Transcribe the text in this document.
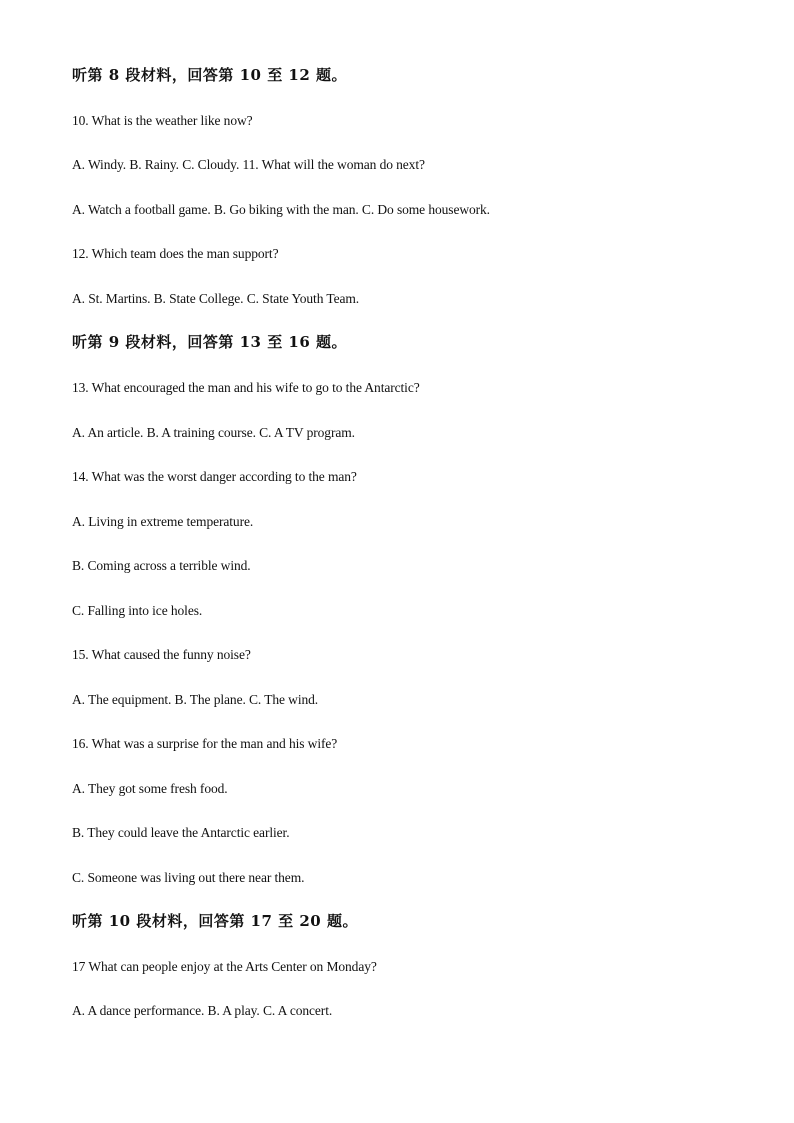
听第 8 段材料，回答第 10 至 12 题。
10. What is the weather like now?
A. Windy. B. Rainy. C. Cloudy. 11. What will the woman do next?
A. Watch a football game. B. Go biking with the man. C. Do some housework.
12. Which team does the man support?
A. St. Martins. B. State College. C. State Youth Team.
听第 9 段材料，回答第 13 至 16 题。
13. What encouraged the man and his wife to go to the Antarctic?
A. An article. B. A training course. C. A TV program.
14. What was the worst danger according to the man?
A. Living in extreme temperature.
B. Coming across a terrible wind.
C. Falling into ice holes.
15. What caused the funny noise?
A. The equipment. B. The plane. C. The wind.
16. What was a surprise for the man and his wife?
A. They got some fresh food.
B. They could leave the Antarctic earlier.
C. Someone was living out there near them.
听第 10 段材料，回答第 17 至 20 题。
17 What can people enjoy at the Arts Center on Monday?
A. A dance performance. B. A play. C. A concert.
